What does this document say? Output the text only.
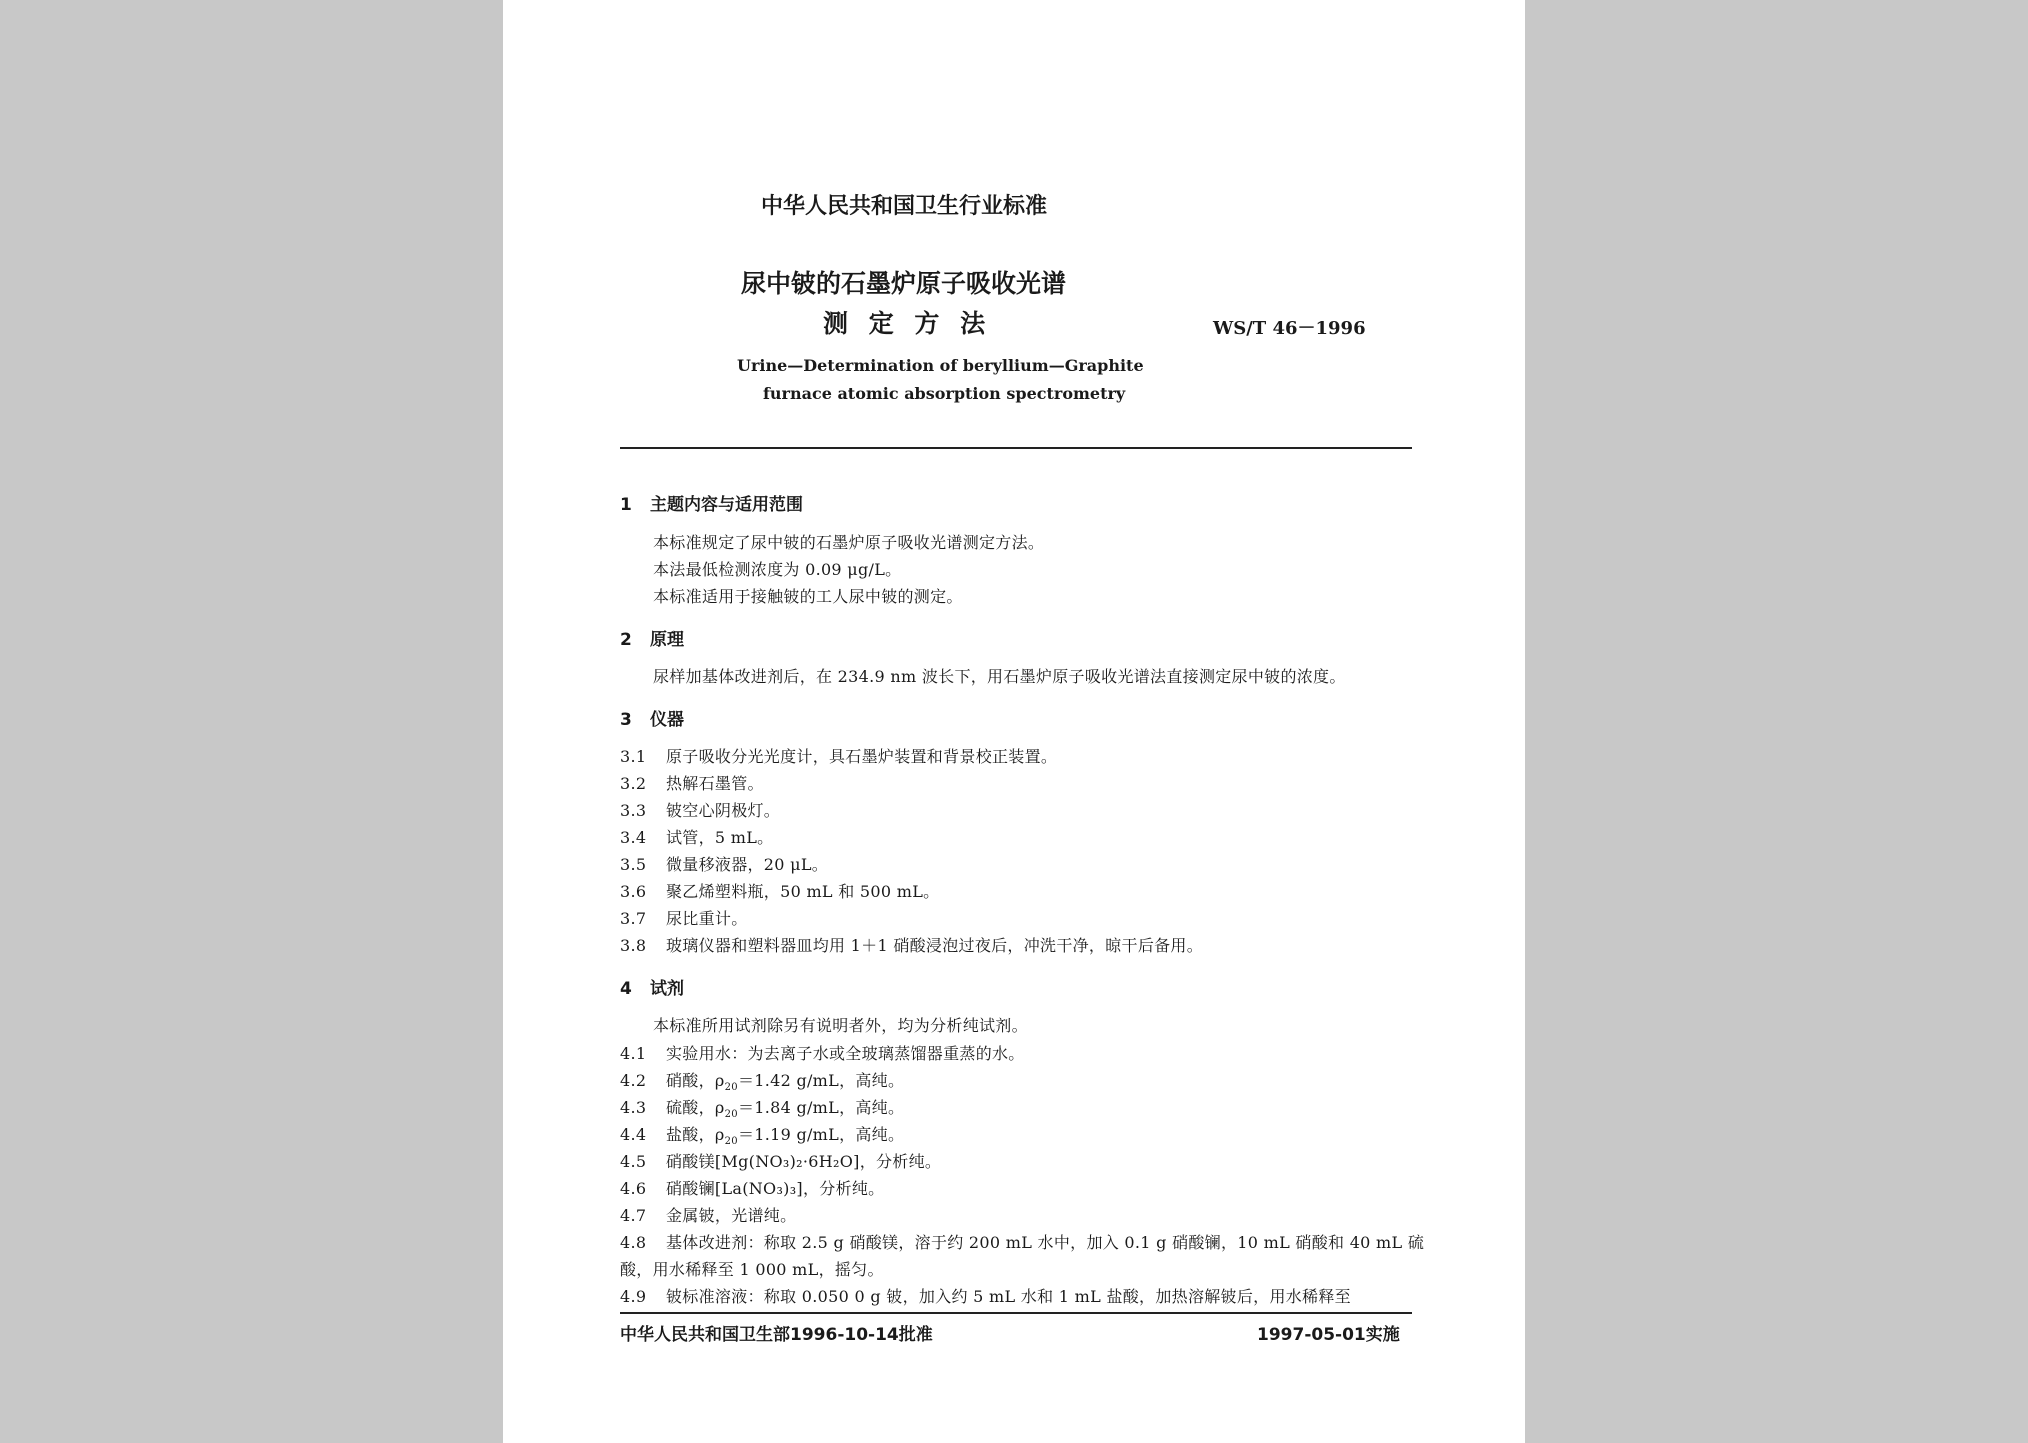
中华人民共和国卫生行业标准
尿中铍的石墨炉原子吸收光谱
测 定 方 法	WS/T 46－1996
Urine—Determination of beryllium—Graphite
furnace atomic absorption spectrometry
1 主题内容与适用范围
本标准规定了尿中铍的石墨炉原子吸收光谱测定方法。
本法最低检测浓度为 0.09 μg/L。
本标准适用于接触铍的工人尿中铍的测定。
2 原理
尿样加基体改进剂后，在 234.9 nm 波长下，用石墨炉原子吸收光谱法直接测定尿中铍的浓度。
3 仪器
3.1 原子吸收分光光度计，具石墨炉装置和背景校正装置。
3.2 热解石墨管。
3.3 铍空心阴极灯。
3.4 试管，5 mL。
3.5 微量移液器，20 μL。
3.6 聚乙烯塑料瓶，50 mL 和 500 mL。
3.7 尿比重计。
3.8 玻璃仪器和塑料器皿均用 1＋1 硝酸浸泡过夜后，冲洗干净，晾干后备用。
4 试剂
本标准所用试剂除另有说明者外，均为分析纯试剂。
4.1 实验用水：为去离子水或全玻璃蒸馏器重蒸的水。
4.2 硝酸，$\rho_{20}=1.42$ g/mL，高纯。
4.3 硫酸，$\rho_{20}=1.84$ g/mL，高纯。
4.4 盐酸，$\rho_{20}=1.19$ g/mL，高纯。
4.5 硝酸镁[Mg(NO₃)₂·6H₂O]，分析纯。
4.6 硝酸镧[La(NO₃)₃]，分析纯。
4.7 金属铍，光谱纯。
4.8 基体改进剂：称取 2.5 g 硝酸镁，溶于约 200 mL 水中，加入 0.1 g 硝酸镧，10 mL 硝酸和 40 mL 硫
酸，用水稀释至 1 000 mL，摇匀。
4.9 铍标准溶液：称取 0.050 0 g 铍，加入约 5 mL 水和 1 mL 盐酸，加热溶解铍后，用水稀释至
中华人民共和国卫生部1996-10-14批准	1997-05-01实施
